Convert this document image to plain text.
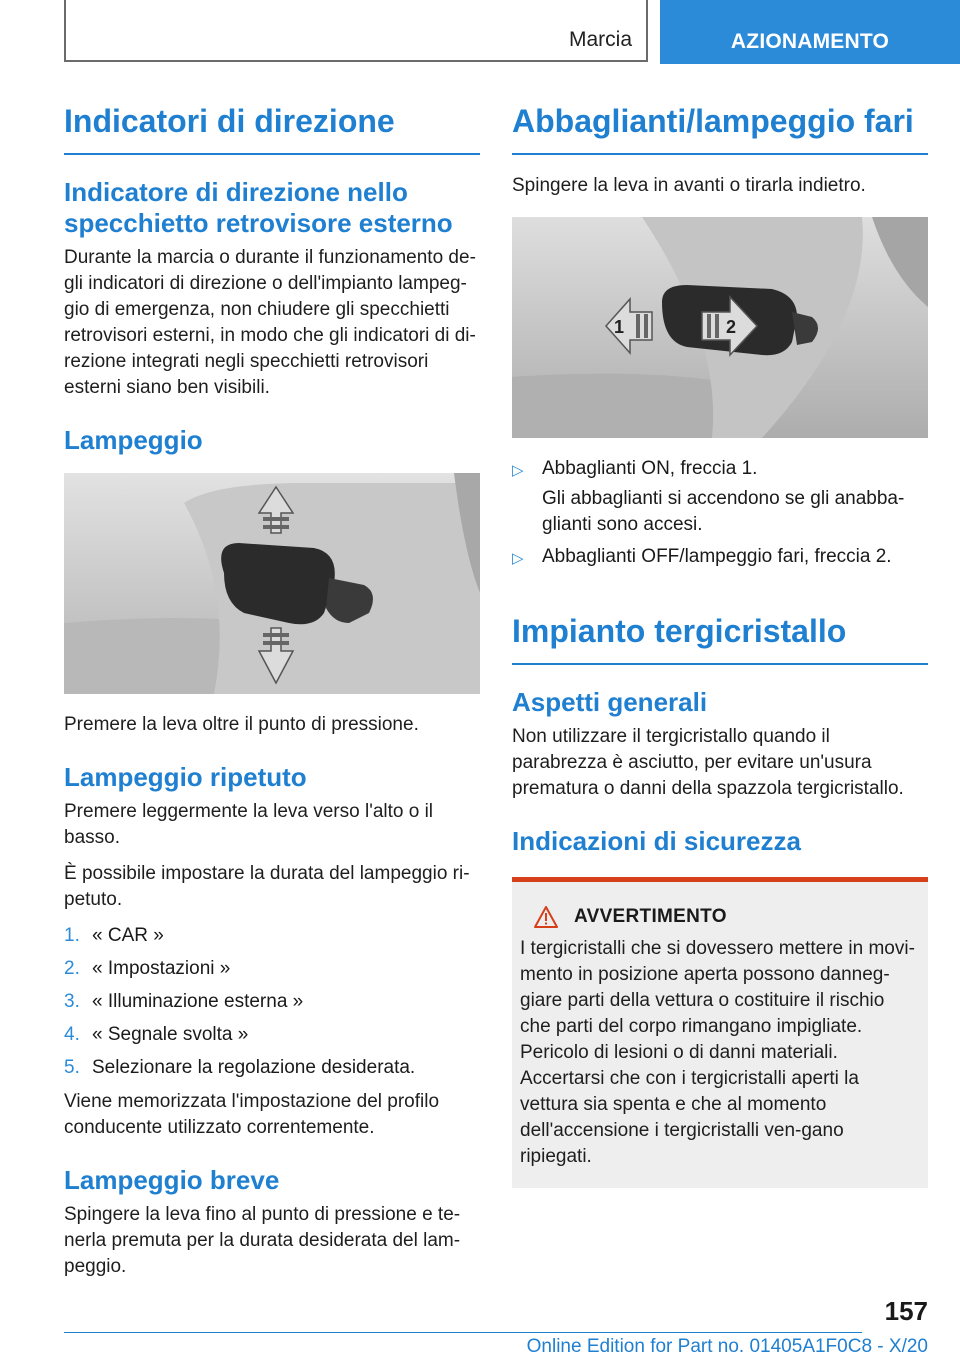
Marcia	AZIONAMENTO
Indicatori di direzione
Indicatore di direzione nello specchietto retrovisore esterno

Durante la marcia o durante il funzionamento de-gli indicatori di direzione o dell'impianto lampeg-gio di emergenza, non chiudere gli specchietti retrovisori esterni, in modo che gli indicatori di di-rezione integrati negli specchietti retrovisori esterni siano ben visibili.

Lampeggio

Premere la leva oltre il punto di pressione.

Lampeggio ripetuto

Premere leggermente la leva verso l'alto o il basso.

È possibile impostare la durata del lampeggio ri-petuto.

1. « CAR »
2. « Impostazioni »
3. « Illuminazione esterna »
4. « Segnale svolta »
5. Selezionare la regolazione desiderata.

Viene memorizzata l'impostazione del profilo conducente utilizzato correntemente.

Lampeggio breve

Spingere la leva fino al punto di pressione e te-nerla premuta per la durata desiderata del lam-peggio.

Abbaglianti/lampeggio fari

Spingere la leva in avanti o tirarla indietro.

1	2
▷ Abbaglianti ON, freccia 1.
Gli abbaglianti si accendono se gli anabba-glianti sono accesi.
▷ Abbaglianti OFF/lampeggio fari, freccia 2.
Impianto tergicristallo
Aspetti generali

Non utilizzare il tergicristallo quando il parabrezza è asciutto, per evitare un'usura prematura o danni della spazzola tergicristallo.

Indicazioni di sicurezza
AVVERTIMENTO

I tergicristalli che si dovessero mettere in movi-mento in posizione aperta possono danneg-giare parti della vettura o costituire il rischio che parti del corpo rimangano impigliate. Pericolo di lesioni o di danni materiali. Accertarsi che con i tergicristalli aperti la vettura sia spenta e che al momento dell'accensione i tergicristalli ven-gano ripiegati.

157
Online Edition for Part no. 01405A1F0C8 - X/20
